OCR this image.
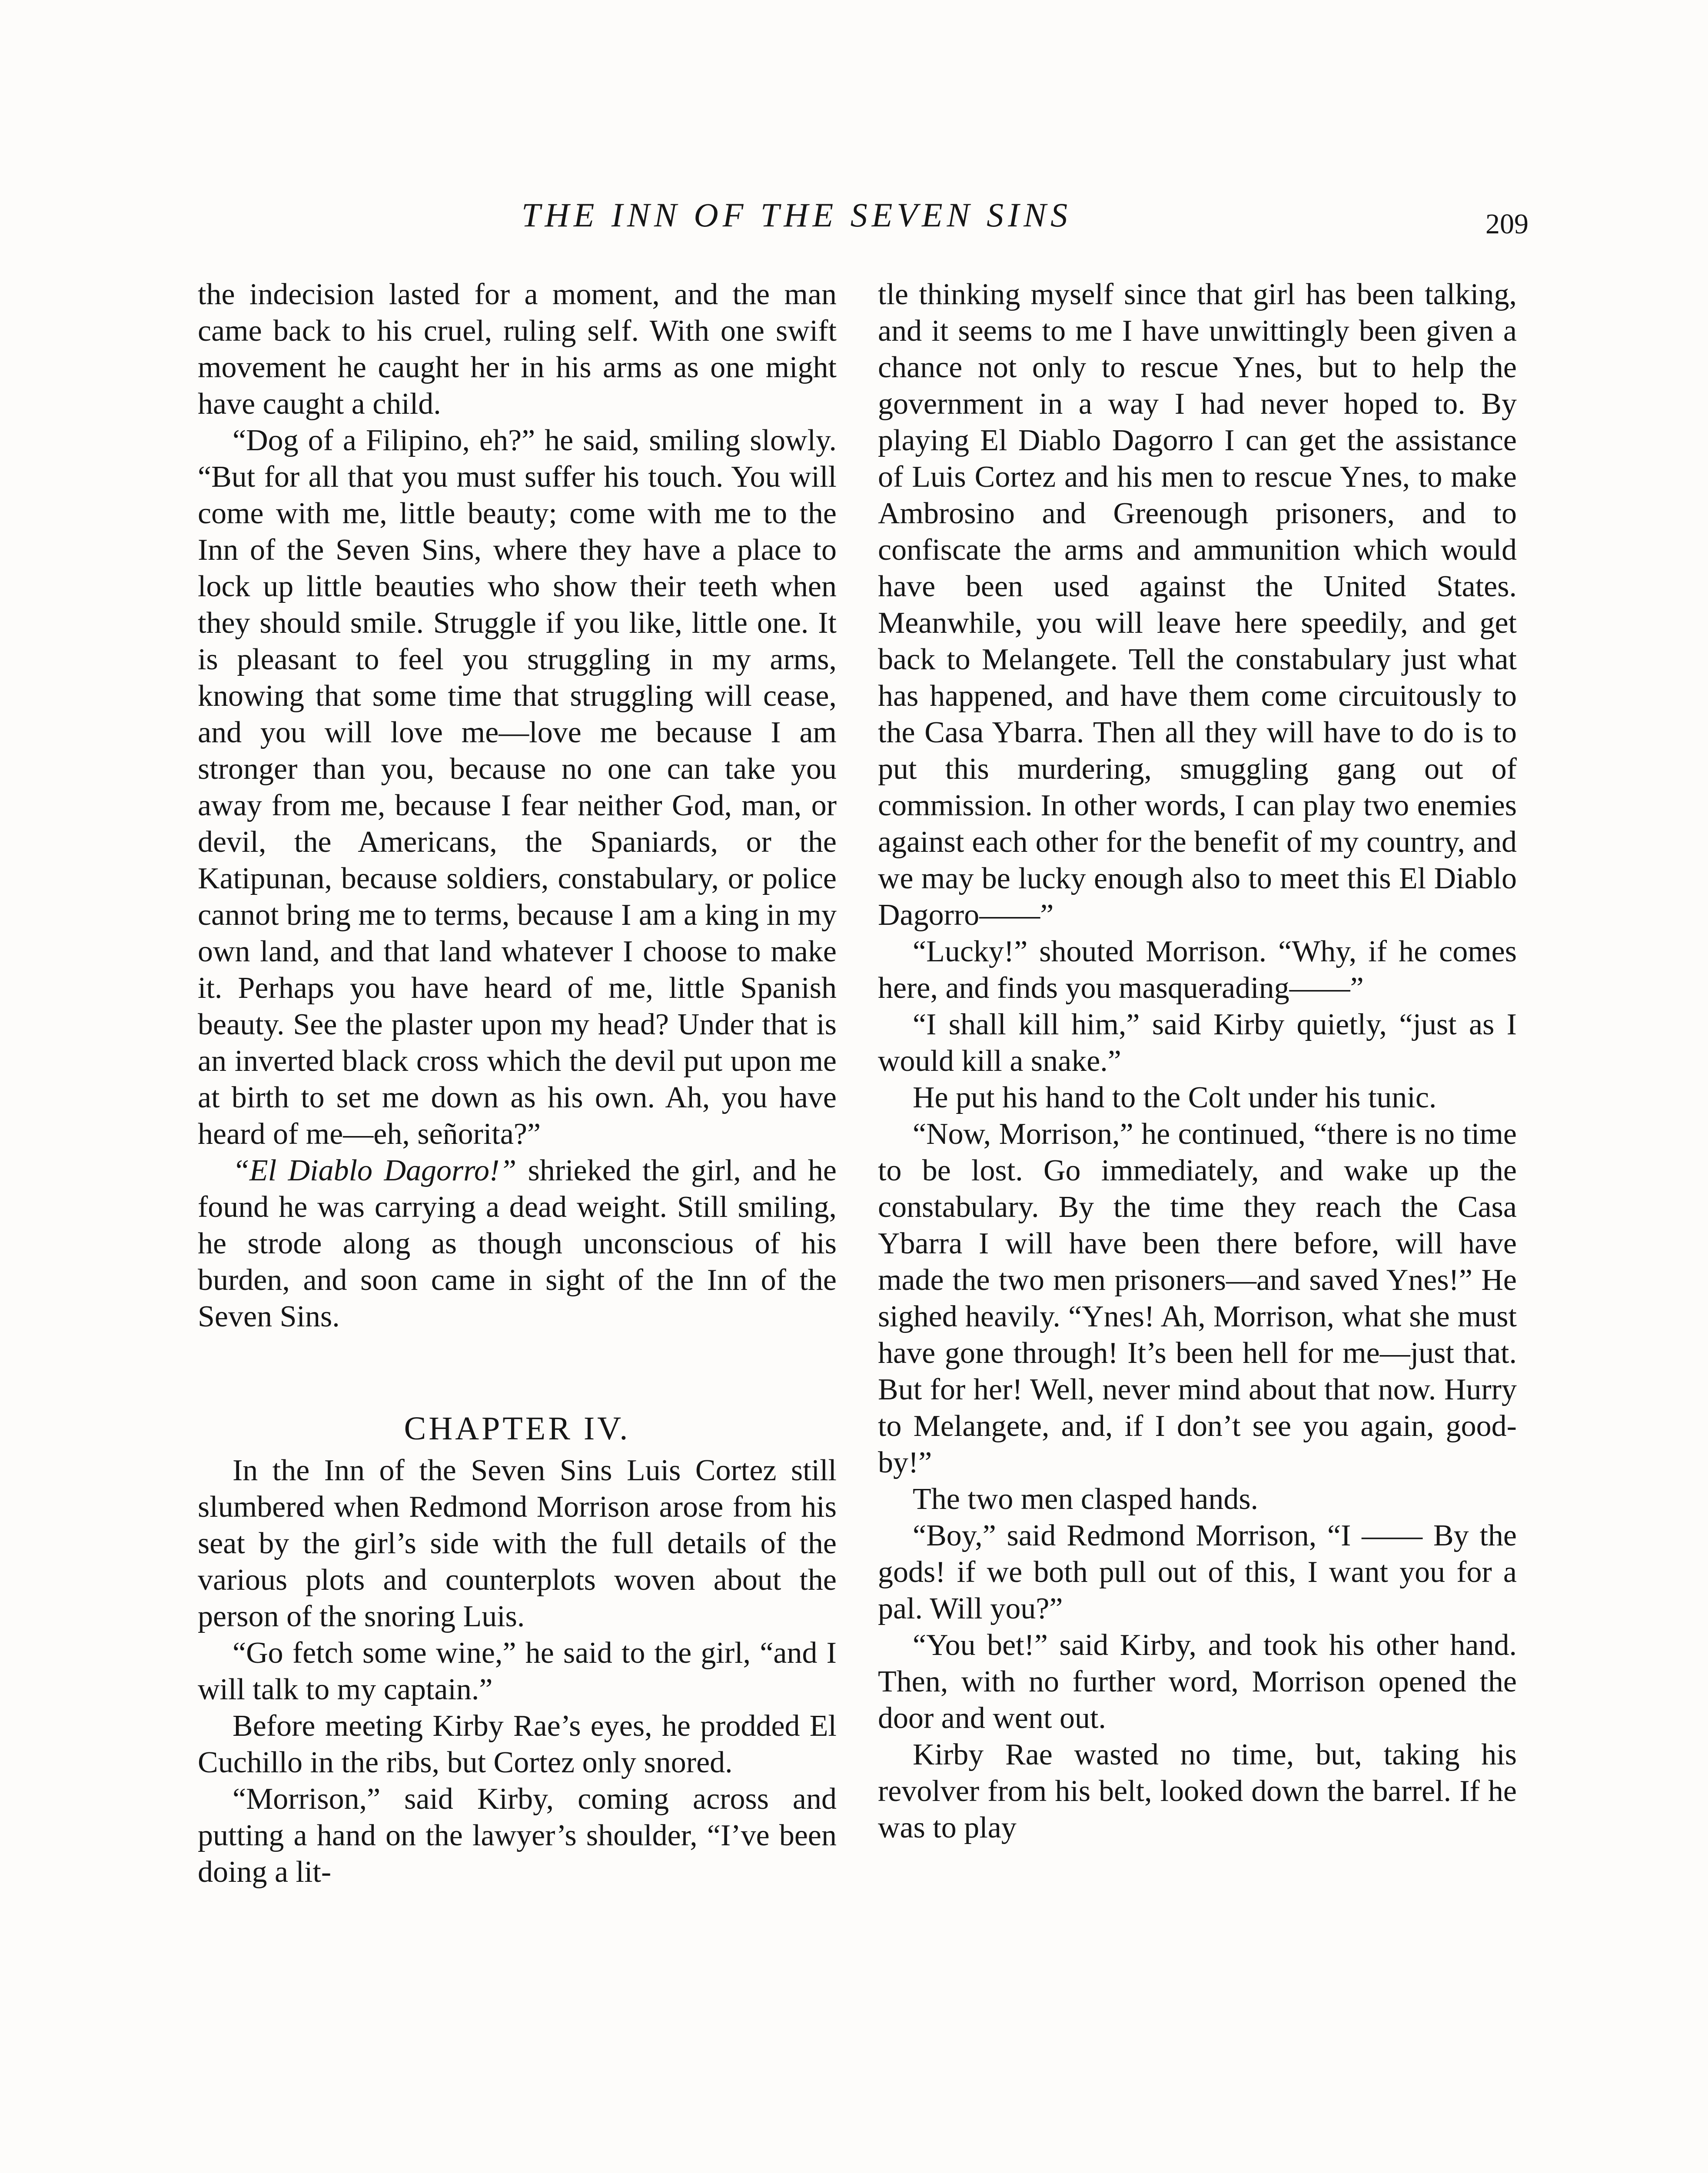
THE INN OF THE SEVEN SINS	209

the indecision lasted for a moment, and the man came back to his cruel, ruling self. With one swift movement he caught her in his arms as one might have caught a child.

“Dog of a Filipino, eh?” he said, smiling slowly. “But for all that you must suffer his touch. You will come with me, little beauty; come with me to the Inn of the Seven Sins, where they have a place to lock up little beauties who show their teeth when they should smile. Struggle if you like, little one. It is pleasant to feel you struggling in my arms, knowing that some time that struggling will cease, and you will love me—love me because I am stronger than you, because no one can take you away from me, because I fear neither God, man, or devil, the Americans, the Spaniards, or the Katipunan, because soldiers, constabulary, or police cannot bring me to terms, because I am a king in my own land, and that land whatever I choose to make it. Perhaps you have heard of me, little Spanish beauty. See the plaster upon my head? Under that is an inverted black cross which the devil put upon me at birth to set me down as his own. Ah, you have heard of me—eh, señorita?”

“El Diablo Dagorro!” shrieked the girl, and he found he was carrying a dead weight. Still smiling, he strode along as though unconscious of his burden, and soon came in sight of the Inn of the Seven Sins.

CHAPTER IV.

In the Inn of the Seven Sins Luis Cortez still slumbered when Redmond Morrison arose from his seat by the girl’s side with the full details of the various plots and counterplots woven about the person of the snoring Luis.

“Go fetch some wine,” he said to the girl, “and I will talk to my captain.”

Before meeting Kirby Rae’s eyes, he prodded El Cuchillo in the ribs, but Cortez only snored.

“Morrison,” said Kirby, coming across and putting a hand on the lawyer’s shoulder, “I’ve been doing a lit-

tle thinking myself since that girl has been talking, and it seems to me I have unwittingly been given a chance not only to rescue Ynes, but to help the government in a way I had never hoped to. By playing El Diablo Dagorro I can get the assistance of Luis Cortez and his men to rescue Ynes, to make Ambrosino and Greenough prisoners, and to confiscate the arms and ammunition which would have been used against the United States. Meanwhile, you will leave here speedily, and get back to Melangete. Tell the constabulary just what has happened, and have them come circuitously to the Casa Ybarra. Then all they will have to do is to put this murdering, smuggling gang out of commission. In other words, I can play two enemies against each other for the benefit of my country, and we may be lucky enough also to meet this El Diablo Dagorro——”

“Lucky!” shouted Morrison. “Why, if he comes here, and finds you masquerading——”

“I shall kill him,” said Kirby quietly, “just as I would kill a snake.”

He put his hand to the Colt under his tunic.

“Now, Morrison,” he continued, “there is no time to be lost. Go immediately, and wake up the constabulary. By the time they reach the Casa Ybarra I will have been there before, will have made the two men prisoners—and saved Ynes!” He sighed heavily. “Ynes! Ah, Morrison, what she must have gone through! It’s been hell for me—just that. But for her! Well, never mind about that now. Hurry to Melangete, and, if I don’t see you again, good-by!”

The two men clasped hands.

“Boy,” said Redmond Morrison, “I —— By the gods! if we both pull out of this, I want you for a pal. Will you?”

“You bet!” said Kirby, and took his other hand. Then, with no further word, Morrison opened the door and went out.

Kirby Rae wasted no time, but, taking his revolver from his belt, looked down the barrel. If he was to play
